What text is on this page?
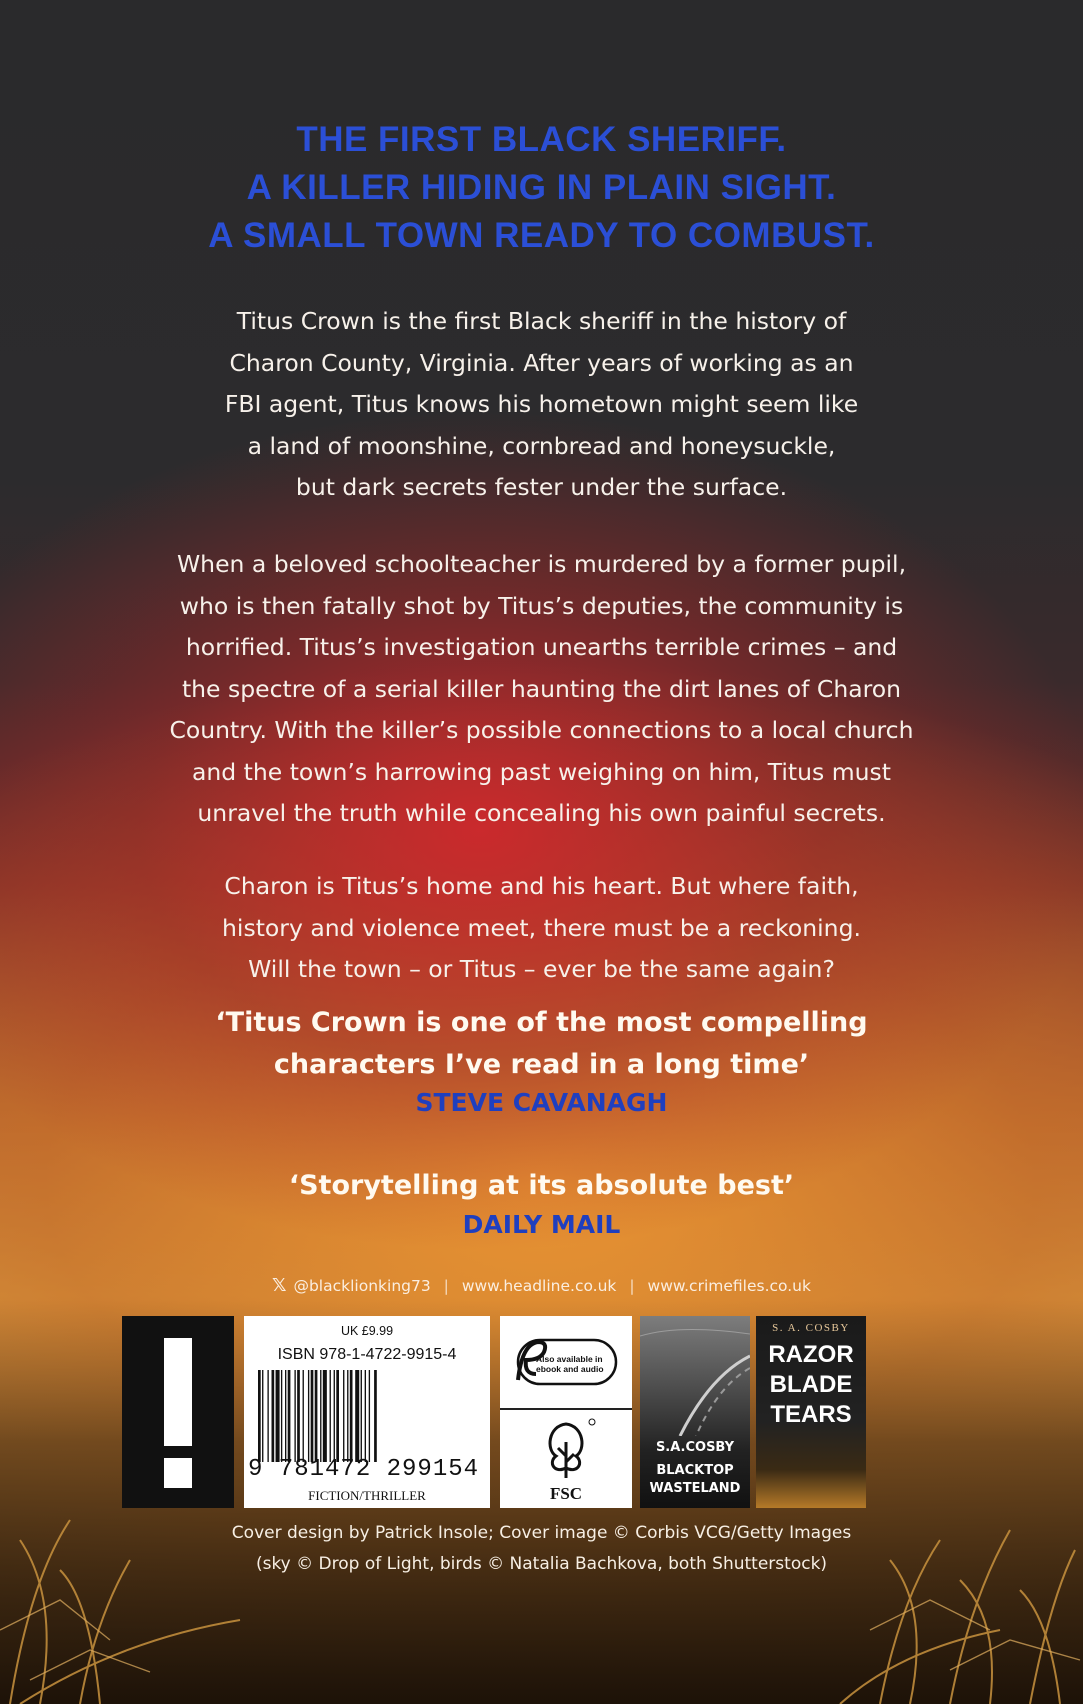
THE FIRST BLACK SHERIFF.
A KILLER HIDING IN PLAIN SIGHT.
A SMALL TOWN READY TO COMBUST.
Titus Crown is the first Black sheriff in the history of
Charon County, Virginia. After years of working as an
FBI agent, Titus knows his hometown might seem like
a land of moonshine, cornbread and honeysuckle,
but dark secrets fester under the surface.
When a beloved schoolteacher is murdered by a former pupil,
who is then fatally shot by Titus’s deputies, the community is
horrified. Titus’s investigation unearths terrible crimes – and
the spectre of a serial killer haunting the dirt lanes of Charon
Country. With the killer’s possible connections to a local church
and the town’s harrowing past weighing on him, Titus must
unravel the truth while concealing his own painful secrets.
Charon is Titus’s home and his heart. But where faith,
history and violence meet, there must be a reckoning.
Will the town – or Titus – ever be the same again?
‘Titus Crown is one of the most compelling
characters I’ve read in a long time’
STEVE CAVANAGH
‘Storytelling at its absolute best’
DAILY MAIL
𝕏 @blacklionking73 | www.headline.co.uk | www.crimefiles.co.uk
UK £9.99
ISBN 978-1-4722-9915-4
9 781472 299154
FICTION/THRILLER
Also available in ebook and audio
FSC
S.A.COSBY
BLACKTOP
WASTELAND
S. A. COSBY
RAZOR
BLADE
TEARS
Cover design by Patrick Insole; Cover image © Corbis VCG/Getty Images
(sky © Drop of Light, birds © Natalia Bachkova, both Shutterstock)
